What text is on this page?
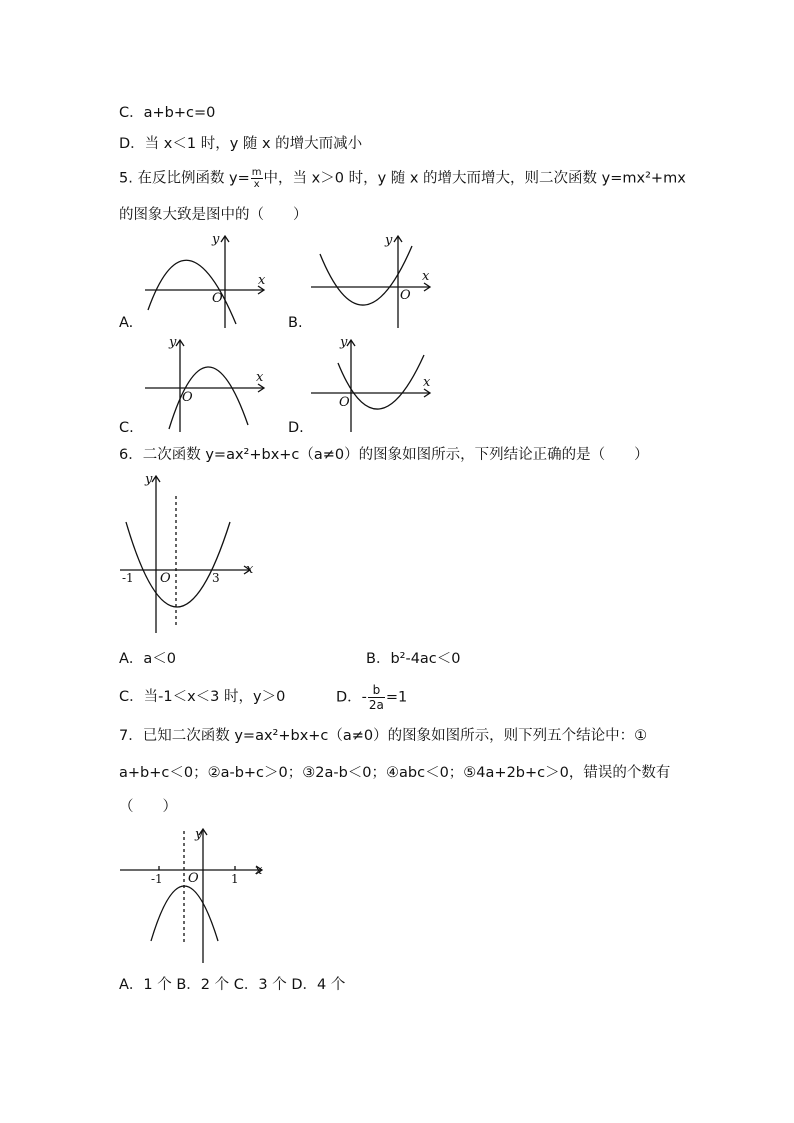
C．a+b+c=0
D．当 x＜1 时，y 随 x 的增大而减小
5. 在反比例函数 $y= \frac{m}{x}$ 中，当 x＞0 时，y 随 x 的增大而增大，则二次函数 y=mx²+mx
的图象大致是图中的（　　）
x
y
O
A.
x
y
O
B.
x
y
O
C.
x
y
O
D.
6．二次函数 y=ax²+bx+c（a≠0）的图象如图所示，下列结论正确的是（　　）
x
y
O
-1	3
A．a＜0	B．b²-4ac＜0
C．当-1＜x＜3 时，y＞0	D．- $\frac{b}{2a} =1$
7．已知二次函数 y=ax²+bx+c（a≠0）的图象如图所示，则下列五个结论中：①
a+b+c＜0；②a-b+c＞0；③2a-b＜0；④abc＜0；⑤4a+2b+c＞0，错误的个数有
（　　）
x
y
O
-1	1
A．1 个 B．2 个 C．3 个 D．4 个
